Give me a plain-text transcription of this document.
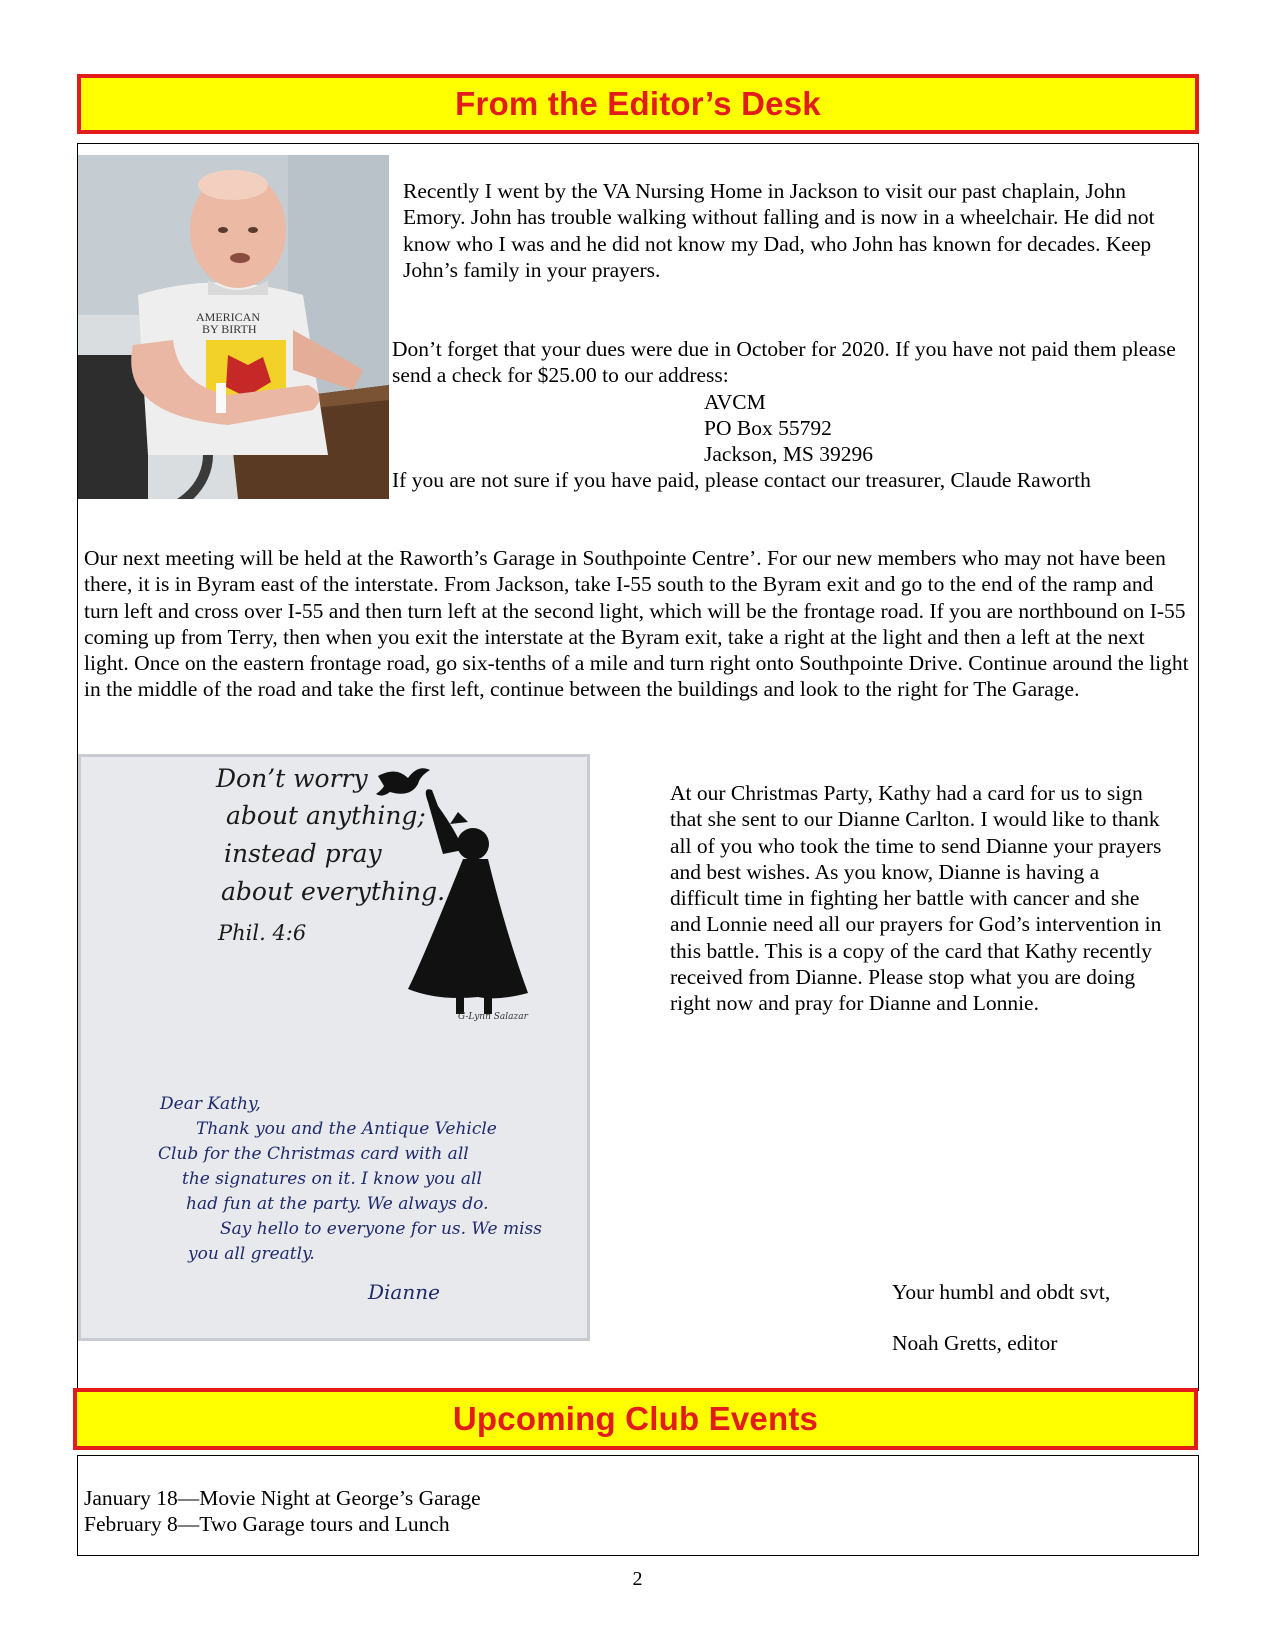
From the Editor’s Desk
AMERICAN
BY BIRTH

Recently I went by the VA Nursing Home in Jackson to visit our past chaplain, John Emory. John has trouble walking without falling and is now in a wheelchair. He did not know who I was and he did not know my Dad, who John has known for decades. Keep John’s family in your prayers.

Don’t forget that your dues were due in October for 2020. If you have not paid them please send a check for $25.00 to our address:
AVCM
PO Box 55792
Jackson, MS 39296
If you are not sure if you have paid, please contact our treasurer, Claude Raworth

Our next meeting will be held at the Raworth’s Garage in Southpointe Centre’. For our new members who may not have been there, it is in Byram east of the interstate. From Jackson, take I-55 south to the Byram exit and go to the end of the ramp and turn left and cross over I-55 and then turn left at the second light, which will be the frontage road. If you are northbound on I-55 coming up from Terry, then when you exit the interstate at the Byram exit, take a right at the light and then a left at the next light. Once on the eastern frontage road, go six-tenths of a mile and turn right onto Southpointe Drive. Continue around the light in the middle of the road and take the first left, continue between the buildings and look to the right for The Garage.

Don’t worry
about anything;
instead pray
about everything.
Phil. 4:6
G-Lynn Salazar
Dear Kathy,
Thank you and the Antique Vehicle
Club for the Christmas card with all
the signatures on it. I know you all
had fun at the party. We always do.
Say hello to everyone for us. We miss
you all greatly.
Dianne

At our Christmas Party, Kathy had a card for us to sign that she sent to our Dianne Carlton. I would like to thank all of you who took the time to send Dianne your prayers and best wishes. As you know, Dianne is having a difficult time in fighting her battle with cancer and she and Lonnie need all our prayers for God’s intervention in this battle. This is a copy of the card that Kathy recently received from Dianne. Please stop what you are doing right now and pray for Dianne and Lonnie.

Your humbl and obdt svt,
Noah Gretts, editor
Upcoming Club Events
January 18—Movie Night at George’s Garage
February 8—Two Garage tours and Lunch
2
